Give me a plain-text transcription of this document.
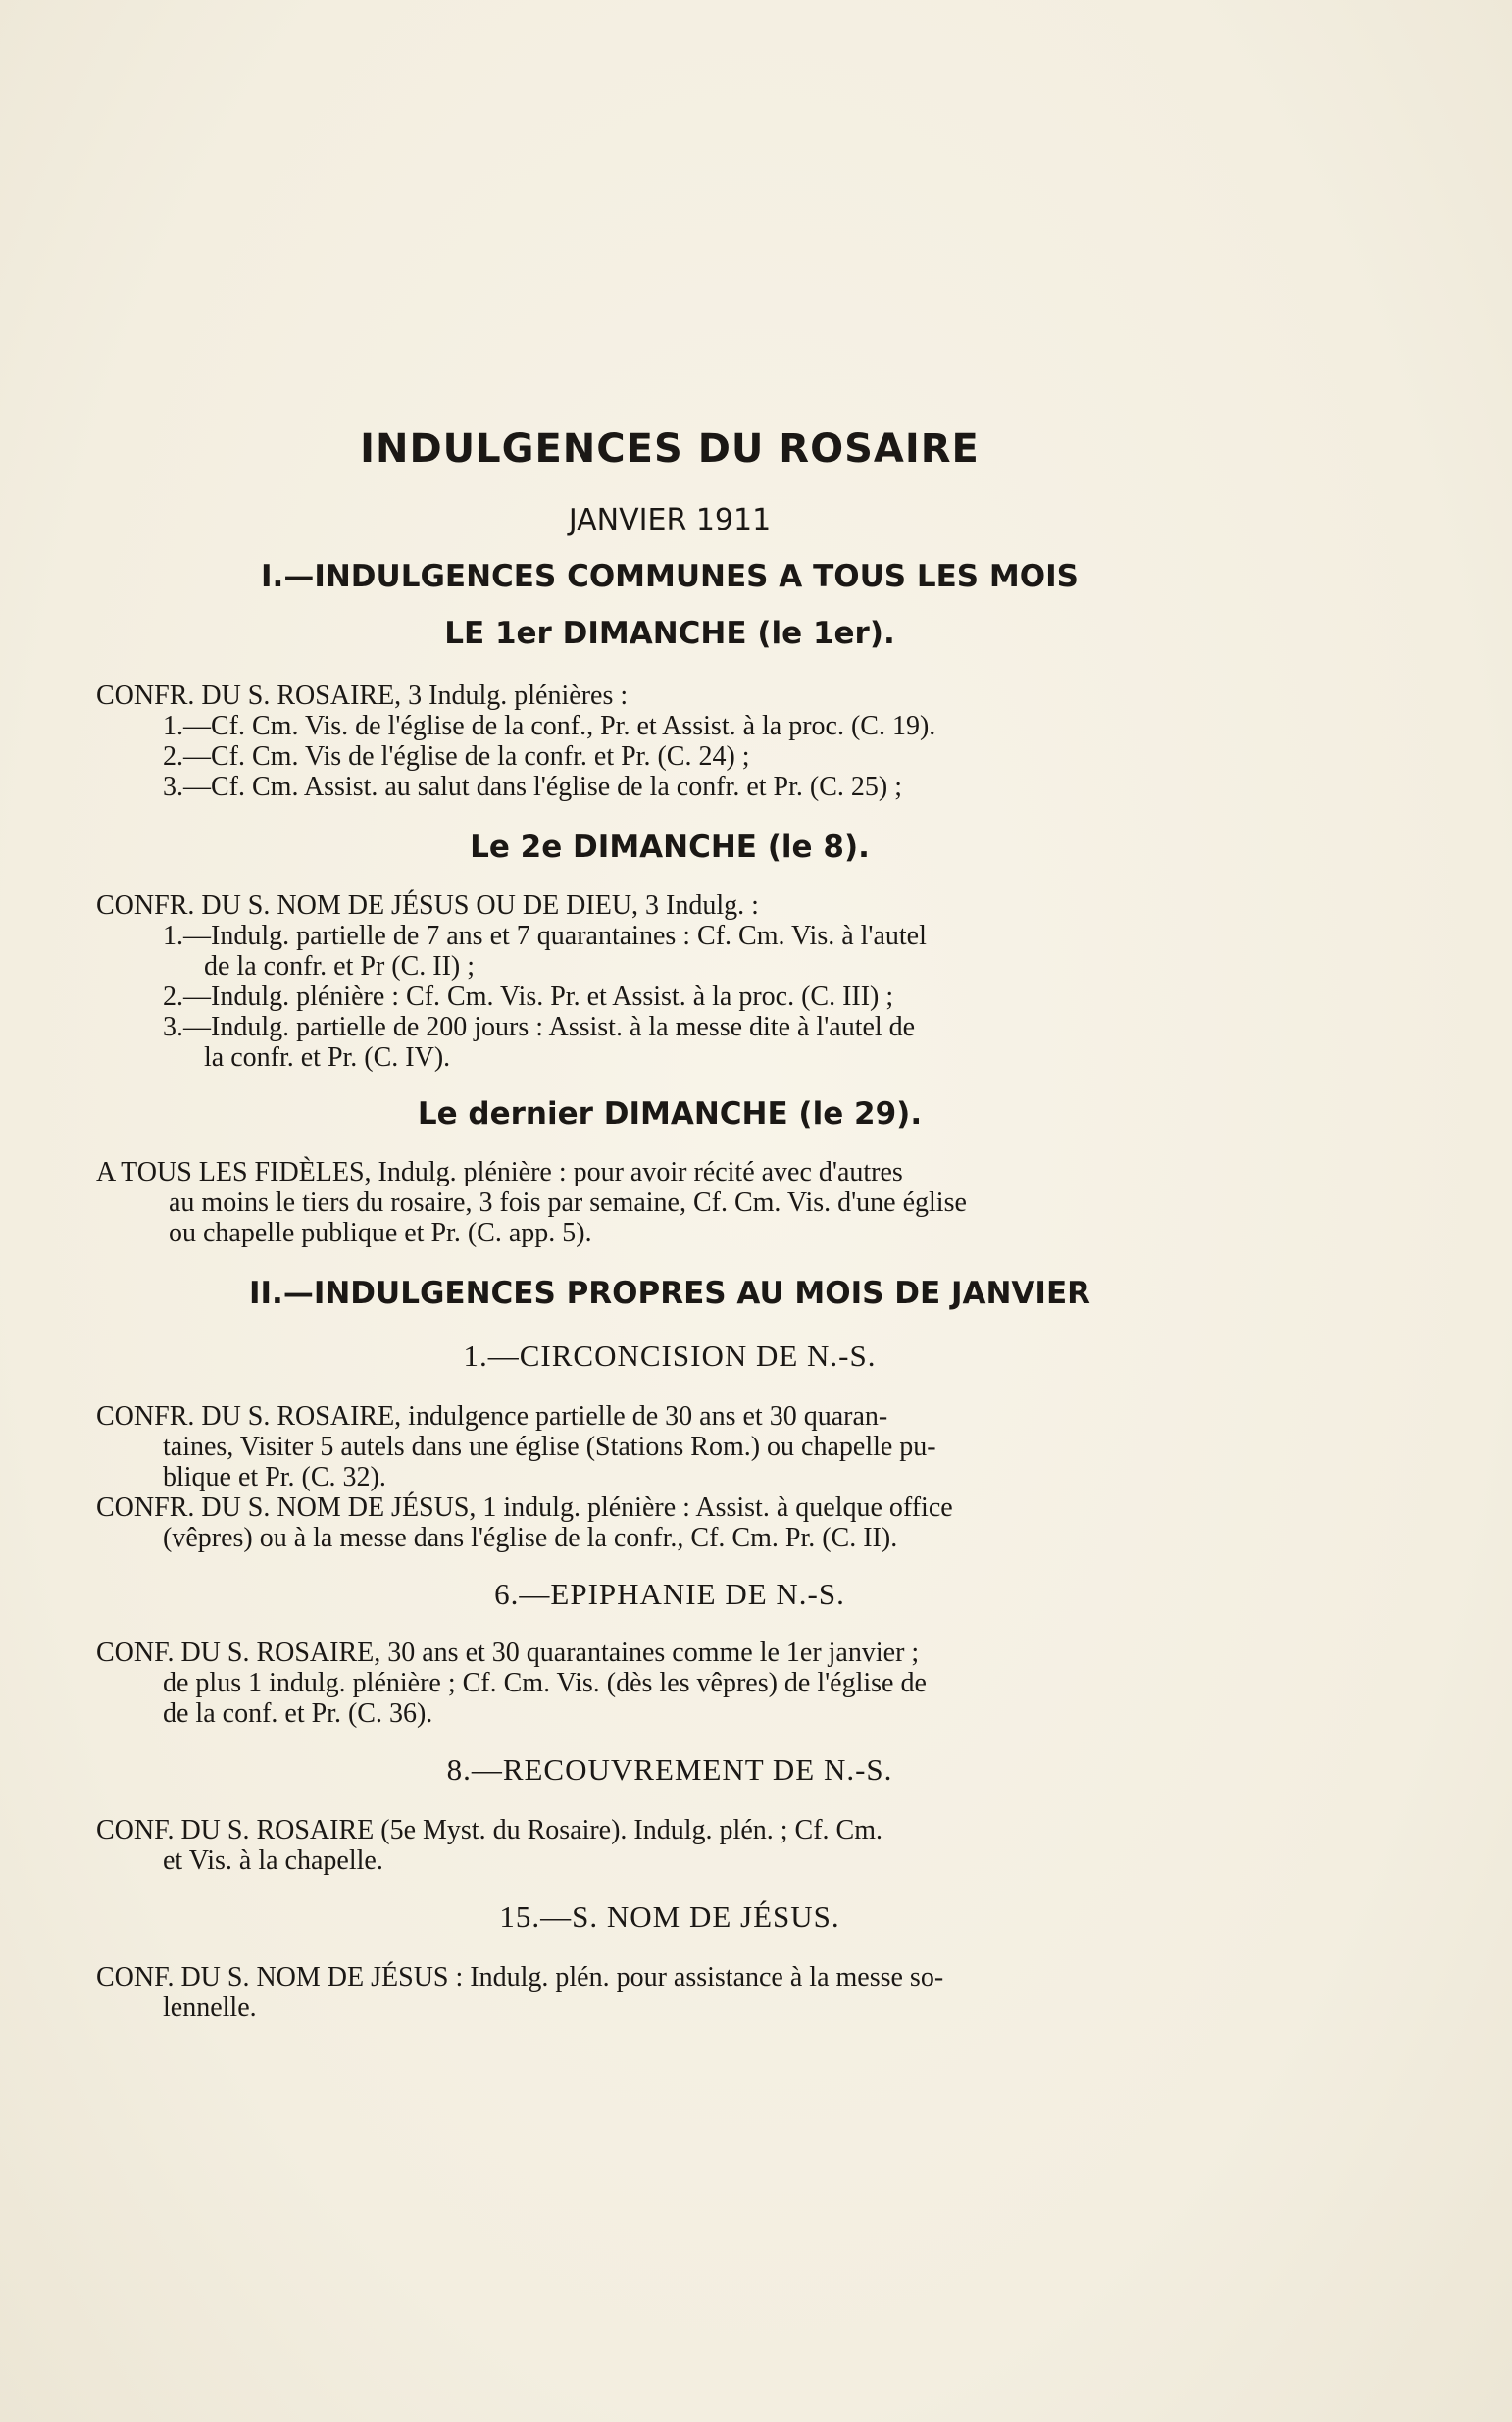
INDULGENCES DU ROSAIRE
JANVIER 1911
I.—INDULGENCES COMMUNES A TOUS LES MOIS
LE 1er DIMANCHE (le 1er).

CONFR. DU S. ROSAIRE, 3 Indulg. plénières :

1.—Cf. Cm. Vis. de l'église de la conf., Pr. et Assist. à la proc. (C. 19).

2.—Cf. Cm. Vis de l'église de la confr. et Pr. (C. 24) ;

3.—Cf. Cm. Assist. au salut dans l'église de la confr. et Pr. (C. 25) ;

Le 2e DIMANCHE (le 8).

CONFR. DU S. NOM DE JÉSUS OU DE DIEU, 3 Indulg. :

1.—Indulg. partielle de 7 ans et 7 quarantaines : Cf. Cm. Vis. à l'autel

de la confr. et Pr (C. II) ;

2.—Indulg. plénière : Cf. Cm. Vis. Pr. et Assist. à la proc. (C. III) ;

3.—Indulg. partielle de 200 jours : Assist. à la messe dite à l'autel de

la confr. et Pr. (C. IV).

Le dernier DIMANCHE (le 29).

A TOUS LES FIDÈLES, Indulg. plénière : pour avoir récité avec d'autres

au moins le tiers du rosaire, 3 fois par semaine, Cf. Cm. Vis. d'une église

ou chapelle publique et Pr. (C. app. 5).

II.—INDULGENCES PROPRES AU MOIS DE JANVIER
1.—CIRCONCISION DE N.-S.

CONFR. DU S. ROSAIRE, indulgence partielle de 30 ans et 30 quaran-

taines, Visiter 5 autels dans une église (Stations Rom.) ou chapelle pu-

blique et Pr. (C. 32).

CONFR. DU S. NOM DE JÉSUS, 1 indulg. plénière : Assist. à quelque office

(vêpres) ou à la messe dans l'église de la confr., Cf. Cm. Pr. (C. II).

6.—EPIPHANIE DE N.-S.

CONF. DU S. ROSAIRE, 30 ans et 30 quarantaines comme le 1er janvier ;

de plus 1 indulg. plénière ; Cf. Cm. Vis. (dès les vêpres) de l'église de

de la conf. et Pr. (C. 36).

8.—RECOUVREMENT DE N.-S.

CONF. DU S. ROSAIRE (5e Myst. du Rosaire). Indulg. plén. ; Cf. Cm.

et Vis. à la chapelle.

15.—S. NOM DE JÉSUS.

CONF. DU S. NOM DE JÉSUS : Indulg. plén. pour assistance à la messe so-

lennelle.
